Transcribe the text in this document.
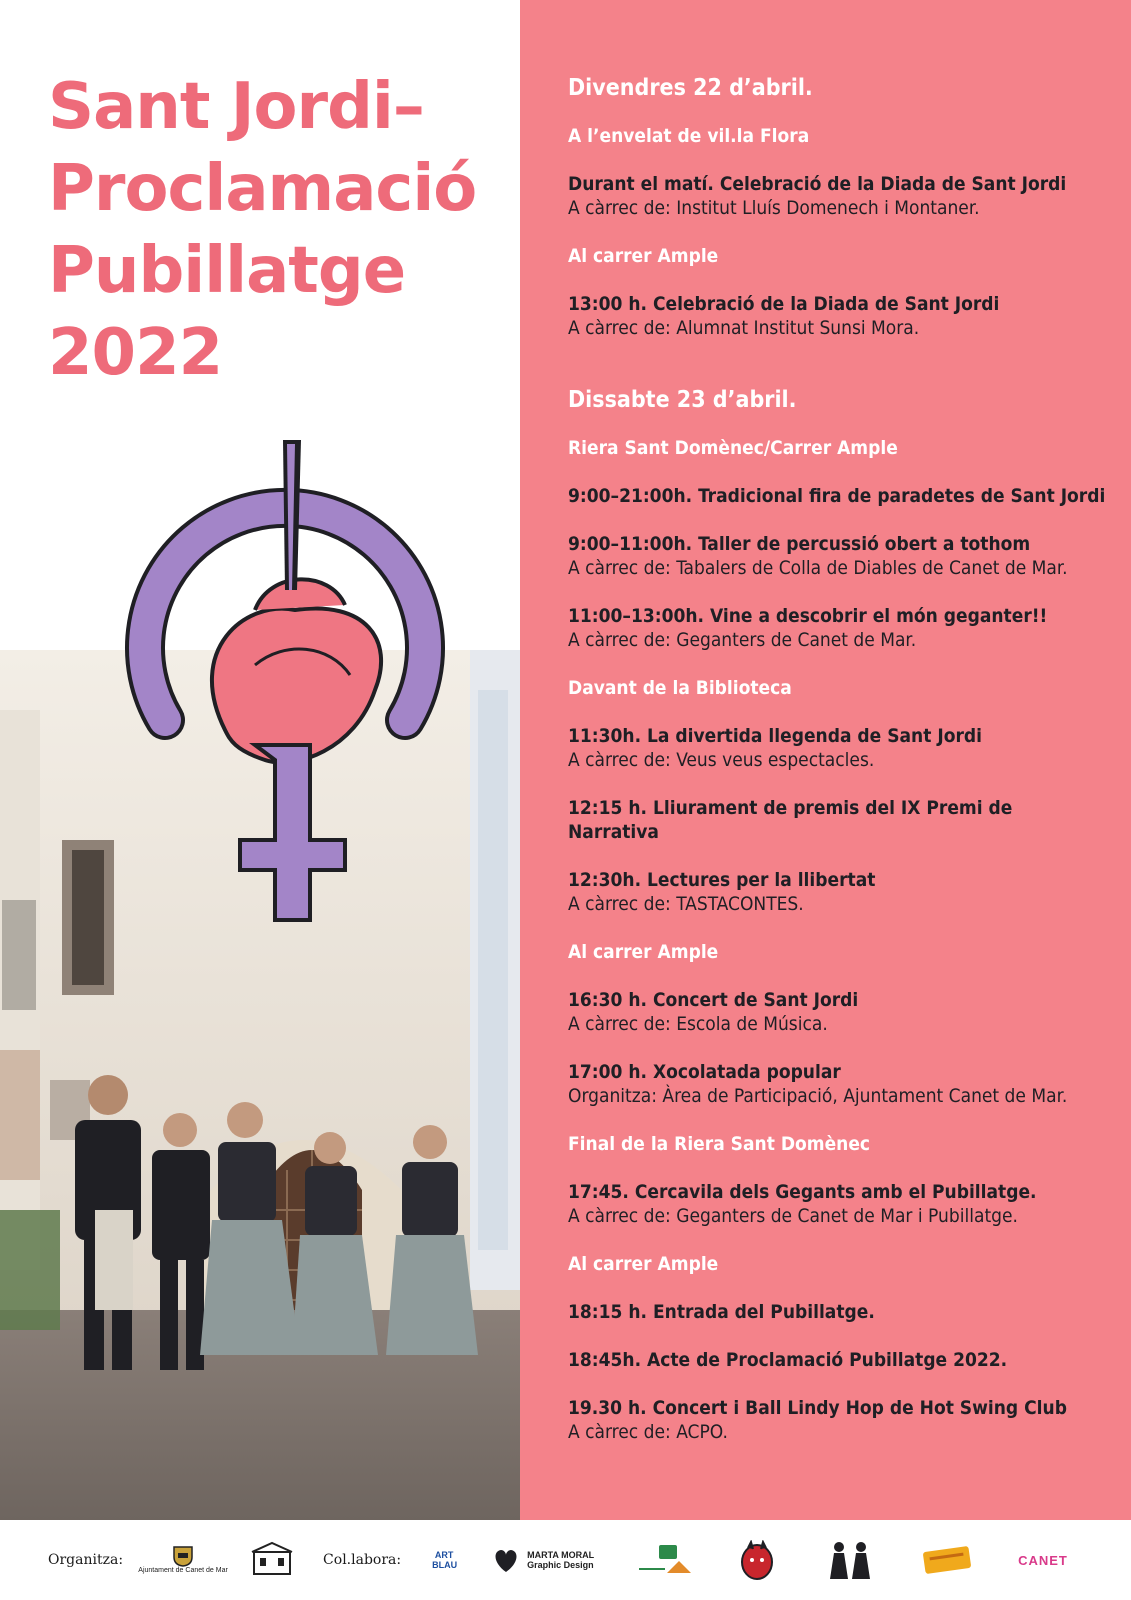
Sant Jordi–
Proclamació
Pubillatge
2022

Divendres 22 d’abril.

A l’envelat de vil.la Flora

Durant el matí. Celebració de la Diada de Sant Jordi
A càrrec de: Institut Lluís Domenech i Montaner.

Al carrer Ample

13:00 h. Celebració de la Diada de Sant Jordi
A càrrec de: Alumnat Institut Sunsi Mora.

Dissabte 23 d’abril.

Riera Sant Domènec/Carrer Ample

9:00–21:00h. Tradicional fira de paradetes de Sant Jordi
9:00–11:00h. Taller de percussió obert a tothom
A càrrec de: Tabalers de Colla de Diables de Canet de Mar.
11:00–13:00h. Vine a descobrir el món geganter!!
A càrrec de: Geganters de Canet de Mar.

Davant de la Biblioteca

11:30h. La divertida llegenda de Sant Jordi
A càrrec de: Veus veus espectacles.
12:15 h. Lliurament de premis del IX Premi de Narrativa
12:30h. Lectures per la llibertat
A càrrec de: TASTACONTES.

Al carrer Ample

16:30 h. Concert de Sant Jordi
A càrrec de: Escola de Música.
17:00 h. Xocolatada popular
Organitza: Àrea de Participació, Ajuntament Canet de Mar.

Final de la Riera Sant Domènec

17:45. Cercavila dels Gegants amb el Pubillatge.
A càrrec de: Geganters de Canet de Mar i Pubillatge.

Al carrer Ample

18:15 h. Entrada del Pubillatge.
18:45h. Acte de Proclamació Pubillatge 2022.
19.30 h. Concert i Ball Lindy Hop de Hot Swing Club
A càrrec de: ACPO.
Organitza:
Ajuntament de Canet de Mar
Col.labora:	ART BLAU
MARTA MORAL
Graphic Design	CANET
